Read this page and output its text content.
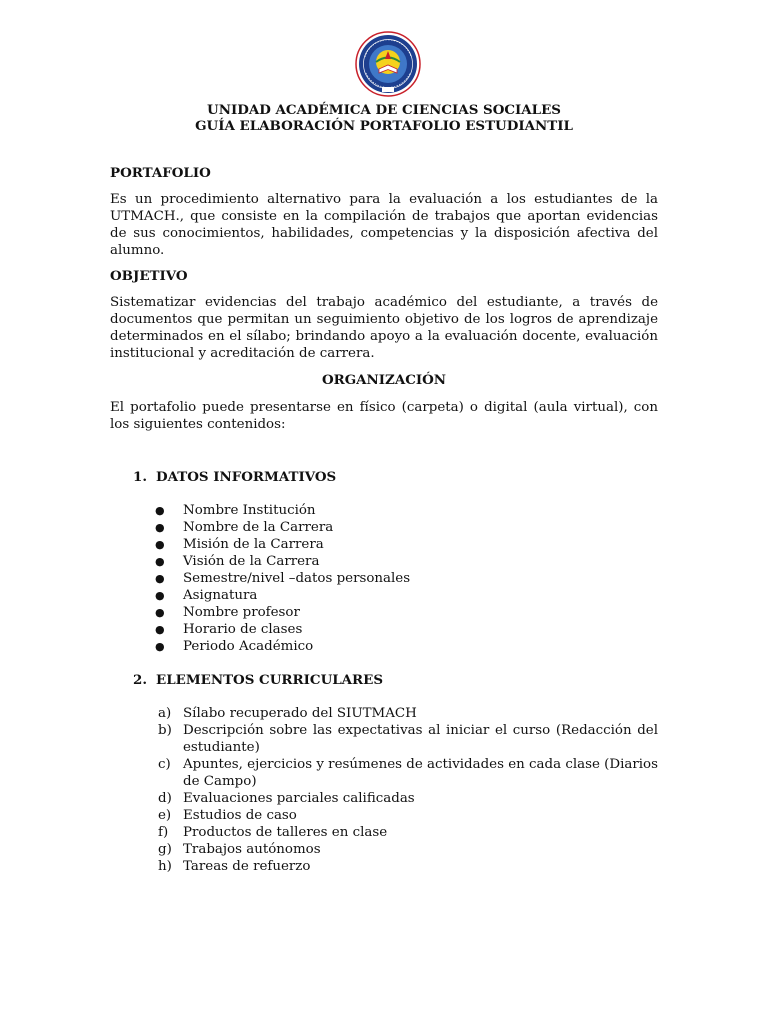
UNIDAD ACADÉMICA DE CIENCIAS SOCIALES
GUÍA ELABORACIÓN PORTAFOLIO ESTUDIANTIL
PORTAFOLIO
Es un procedimiento alternativo para la evaluación a los estudiantes de la UTMACH., que consiste en la compilación de trabajos que aportan evidencias de sus conocimientos, habilidades, competencias y la disposición afectiva del alumno.
OBJETIVO
Sistematizar evidencias del trabajo académico del estudiante, a través de documentos que permitan un seguimiento objetivo de los logros de aprendizaje determinados en el sílabo; brindando apoyo a la evaluación docente, evaluación institucional y acreditación de carrera.
ORGANIZACIÓN
El portafolio puede presentarse en físico (carpeta) o digital (aula virtual), con los siguientes contenidos:
1. DATOS INFORMATIVOS
● Nombre Institución
● Nombre de la Carrera
● Misión de la Carrera
● Visión de la Carrera
● Semestre/nivel –datos personales
● Asignatura
● Nombre profesor
● Horario de clases
● Periodo Académico
2. ELEMENTOS CURRICULARES
a) Sílabo recuperado del SIUTMACH
b) Descripción sobre las expectativas al iniciar el curso (Redacción del estudiante)
c) Apuntes, ejercicios y resúmenes de actividades en cada clase (Diarios de Campo)
d) Evaluaciones parciales calificadas
e) Estudios de caso
f)	Productos de talleres en clase
g) Trabajos autónomos
h) Tareas de refuerzo
